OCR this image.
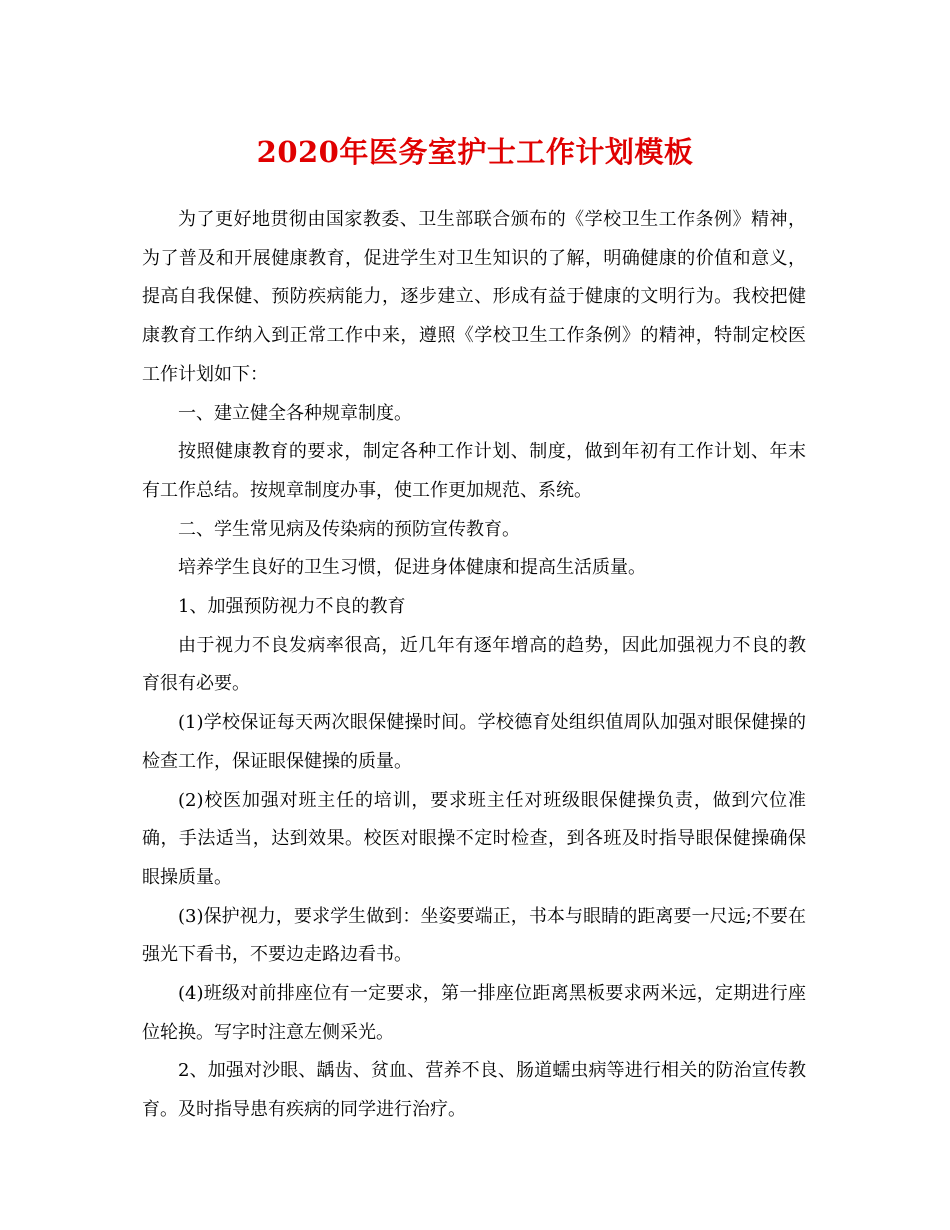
2020年医务室护士工作计划模板

为了更好地贯彻由国家教委、卫生部联合颁布的《学校卫生工作条例》精神，为了普及和开展健康教育，促进学生对卫生知识的了解，明确健康的价值和意义，提高自我保健、预防疾病能力，逐步建立、形成有益于健康的文明行为。我校把健康教育工作纳入到正常工作中来，遵照《学校卫生工作条例》的精神，特制定校医工作计划如下：

一、建立健全各种规章制度。

按照健康教育的要求，制定各种工作计划、制度，做到年初有工作计划、年末有工作总结。按规章制度办事，使工作更加规范、系统。

二、学生常见病及传染病的预防宣传教育。

培养学生良好的卫生习惯，促进身体健康和提高生活质量。

1、加强预防视力不良的教育

由于视力不良发病率很高，近几年有逐年增高的趋势，因此加强视力不良的教育很有必要。

(1)学校保证每天两次眼保健操时间。学校德育处组织值周队加强对眼保健操的检查工作，保证眼保健操的质量。

(2)校医加强对班主任的培训，要求班主任对班级眼保健操负责，做到穴位准确，手法适当，达到效果。校医对眼操不定时检查，到各班及时指导眼保健操确保眼操质量。

(3)保护视力，要求学生做到：坐姿要端正，书本与眼睛的距离要一尺远;不要在强光下看书，不要边走路边看书。

(4)班级对前排座位有一定要求，第一排座位距离黑板要求两米远，定期进行座位轮换。写字时注意左侧采光。

2、加强对沙眼、龋齿、贫血、营养不良、肠道蠕虫病等进行相关的防治宣传教育。及时指导患有疾病的同学进行治疗。
